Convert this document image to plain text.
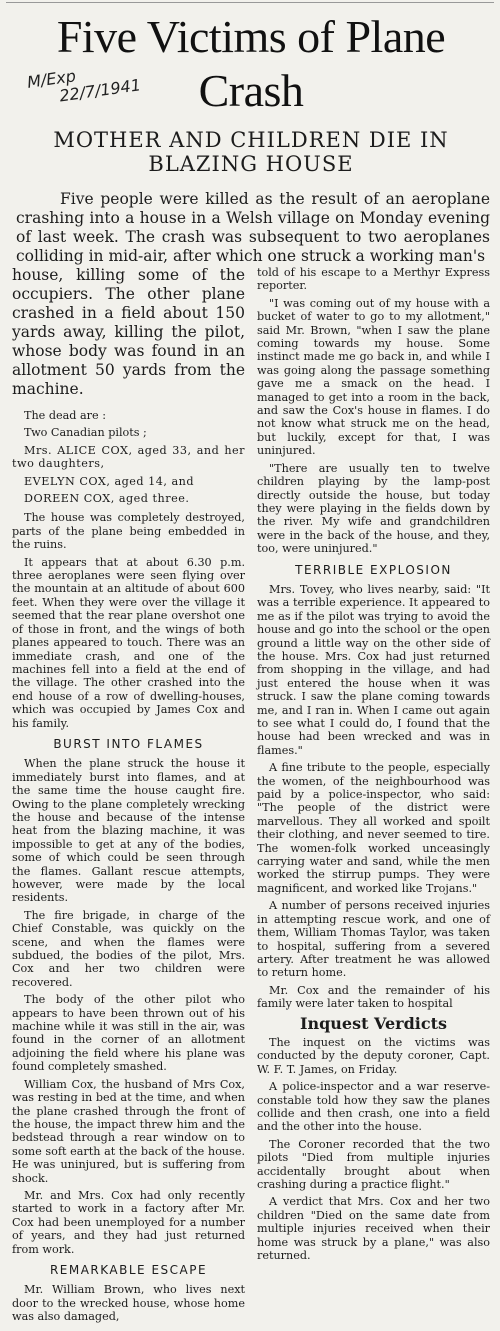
Five Victims of Plane
Crash
M/Exp
22/7/1941
MOTHER AND CHILDREN DIE IN
BLAZING HOUSE

Five people were killed as the result of an aeroplane crashing into a house in a Welsh village on Monday evening of last week. The crash was subsequent to two aeroplanes colliding in mid-air, after which one struck a working man's

house, killing some of the occupiers. The other plane crashed in a field about 150 yards away, killing the pilot, whose body was found in an allotment 50 yards from the machine.

The dead are :

Two Canadian pilots ;

Mrs. ALICE COX, aged 33, and her two daughters,

EVELYN COX, aged 14, and

DOREEN COX, aged three.

The house was completely destroyed, parts of the plane being embedded in the ruins.

It appears that at about 6.30 p.m. three aeroplanes were seen flying over the mountain at an altitude of about 600 feet. When they were over the village it seemed that the rear plane overshot one of those in front, and the wings of both planes appeared to touch. There was an immediate crash, and one of the machines fell into a field at the end of the village. The other crashed into the end house of a row of dwelling-houses, which was occupied by James Cox and his family.

BURST INTO FLAMES

When the plane struck the house it immediately burst into flames, and at the same time the house caught fire. Owing to the plane completely wrecking the house and because of the intense heat from the blazing machine, it was impossible to get at any of the bodies, some of which could be seen through the flames. Gallant rescue attempts, however, were made by the local residents.

The fire brigade, in charge of the Chief Constable, was quickly on the scene, and when the flames were subdued, the bodies of the pilot, Mrs. Cox and her two children were recovered.

The body of the other pilot who appears to have been thrown out of his machine while it was still in the air, was found in the corner of an allotment adjoining the field where his plane was found completely smashed.

William Cox, the husband of Mrs Cox, was resting in bed at the time, and when the plane crashed through the front of the house, the impact threw him and the bedstead through a rear window on to some soft earth at the back of the house. He was uninjured, but is suffering from shock.

Mr. and Mrs. Cox had only recently started to work in a factory after Mr. Cox had been unemployed for a number of years, and they had just returned from work.

REMARKABLE ESCAPE

Mr. William Brown, who lives next door to the wrecked house, whose home was also damaged,

told of his escape to a Merthyr Express reporter.

"I was coming out of my house with a bucket of water to go to my allotment," said Mr. Brown, "when I saw the plane coming towards my house. Some instinct made me go back in, and while I was going along the passage something gave me a smack on the head. I managed to get into a room in the back, and saw the Cox's house in flames. I do not know what struck me on the head, but luckily, except for that, I was uninjured.

"There are usually ten to twelve children playing by the lamp-post directly outside the house, but today they were playing in the fields down by the river. My wife and grandchildren were in the back of the house, and they, too, were uninjured."

TERRIBLE EXPLOSION

Mrs. Tovey, who lives nearby, said: "It was a terrible experience. It appeared to me as if the pilot was trying to avoid the house and go into the school or the open ground a little way on the other side of the house. Mrs. Cox had just returned from shopping in the village, and had just entered the house when it was struck. I saw the plane coming towards me, and I ran in. When I came out again to see what I could do, I found that the house had been wrecked and was in flames."

A fine tribute to the people, especially the women, of the neighbourhood was paid by a police-inspector, who said: "The people of the district were marvellous. They all worked and spoilt their clothing, and never seemed to tire. The women-folk worked unceasingly carrying water and sand, while the men worked the stirrup pumps. They were magnificent, and worked like Trojans."

A number of persons received injuries in attempting rescue work, and one of them, William Thomas Taylor, was taken to hospital, suffering from a severed artery. After treatment he was allowed to return home.

Mr. Cox and the remainder of his family were later taken to hospital

Inquest Verdicts

The inquest on the victims was conducted by the deputy coroner, Capt. W. F. T. James, on Friday.

A police-inspector and a war reserve-constable told how they saw the planes collide and then crash, one into a field and the other into the house.

The Coroner recorded that the two pilots "Died from multiple injuries accidentally brought about when crashing during a practice flight."

A verdict that Mrs. Cox and her two children "Died on the same date from multiple injuries received when their home was struck by a plane," was also returned.
